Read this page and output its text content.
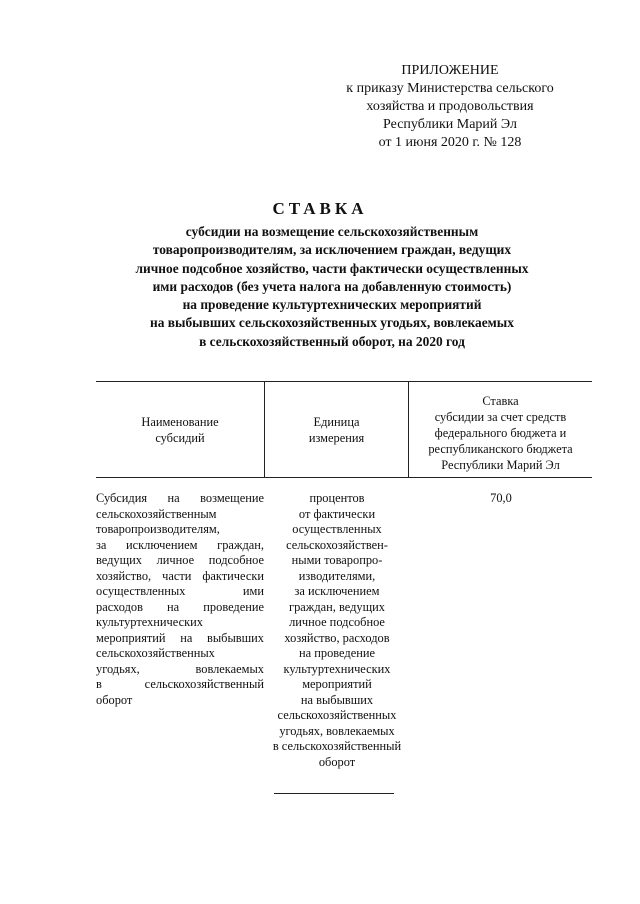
ПРИЛОЖЕНИЕ
к приказу Министерства сельского
хозяйства и продовольствия
Республики Марий Эл
от 1 июня 2020 г. № 128
СТАВКА
субсидии на возмещение сельскохозяйственным
товаропроизводителям, за исключением граждан, ведущих
личное подсобное хозяйство, части фактически осуществленных
ими расходов (без учета налога на добавленную стоимость)
на проведение культуртехнических мероприятий
на выбывших сельскохозяйственных угодьях, вовлекаемых
в сельскохозяйственный оборот, на 2020 год
Наименование
субсидий
Единица
измерения
Ставка
субсидии за счет средств
федерального бюджета и
республиканского бюджета
Республики Марий Эл
Субсидия на возмещение
сельскохозяйственным
товаропроизводителям,
за исключением граждан,
ведущих личное подсобное
хозяйство, части фактически
осуществленных ими
расходов на проведение
культуртехнических
мероприятий на выбывших
сельскохозяйственных
угодьях, вовлекаемых
в сельскохозяйственный
оборот
процентов
от фактически
осуществленных
сельскохозяйствен-
ными товаропро-
изводителями,
за исключением
граждан, ведущих
личное подсобное
хозяйство, расходов
на проведение
культуртехнических
мероприятий
на выбывших
сельскохозяйственных
угодьях, вовлекаемых
в сельскохозяйственный
оборот
70,0
